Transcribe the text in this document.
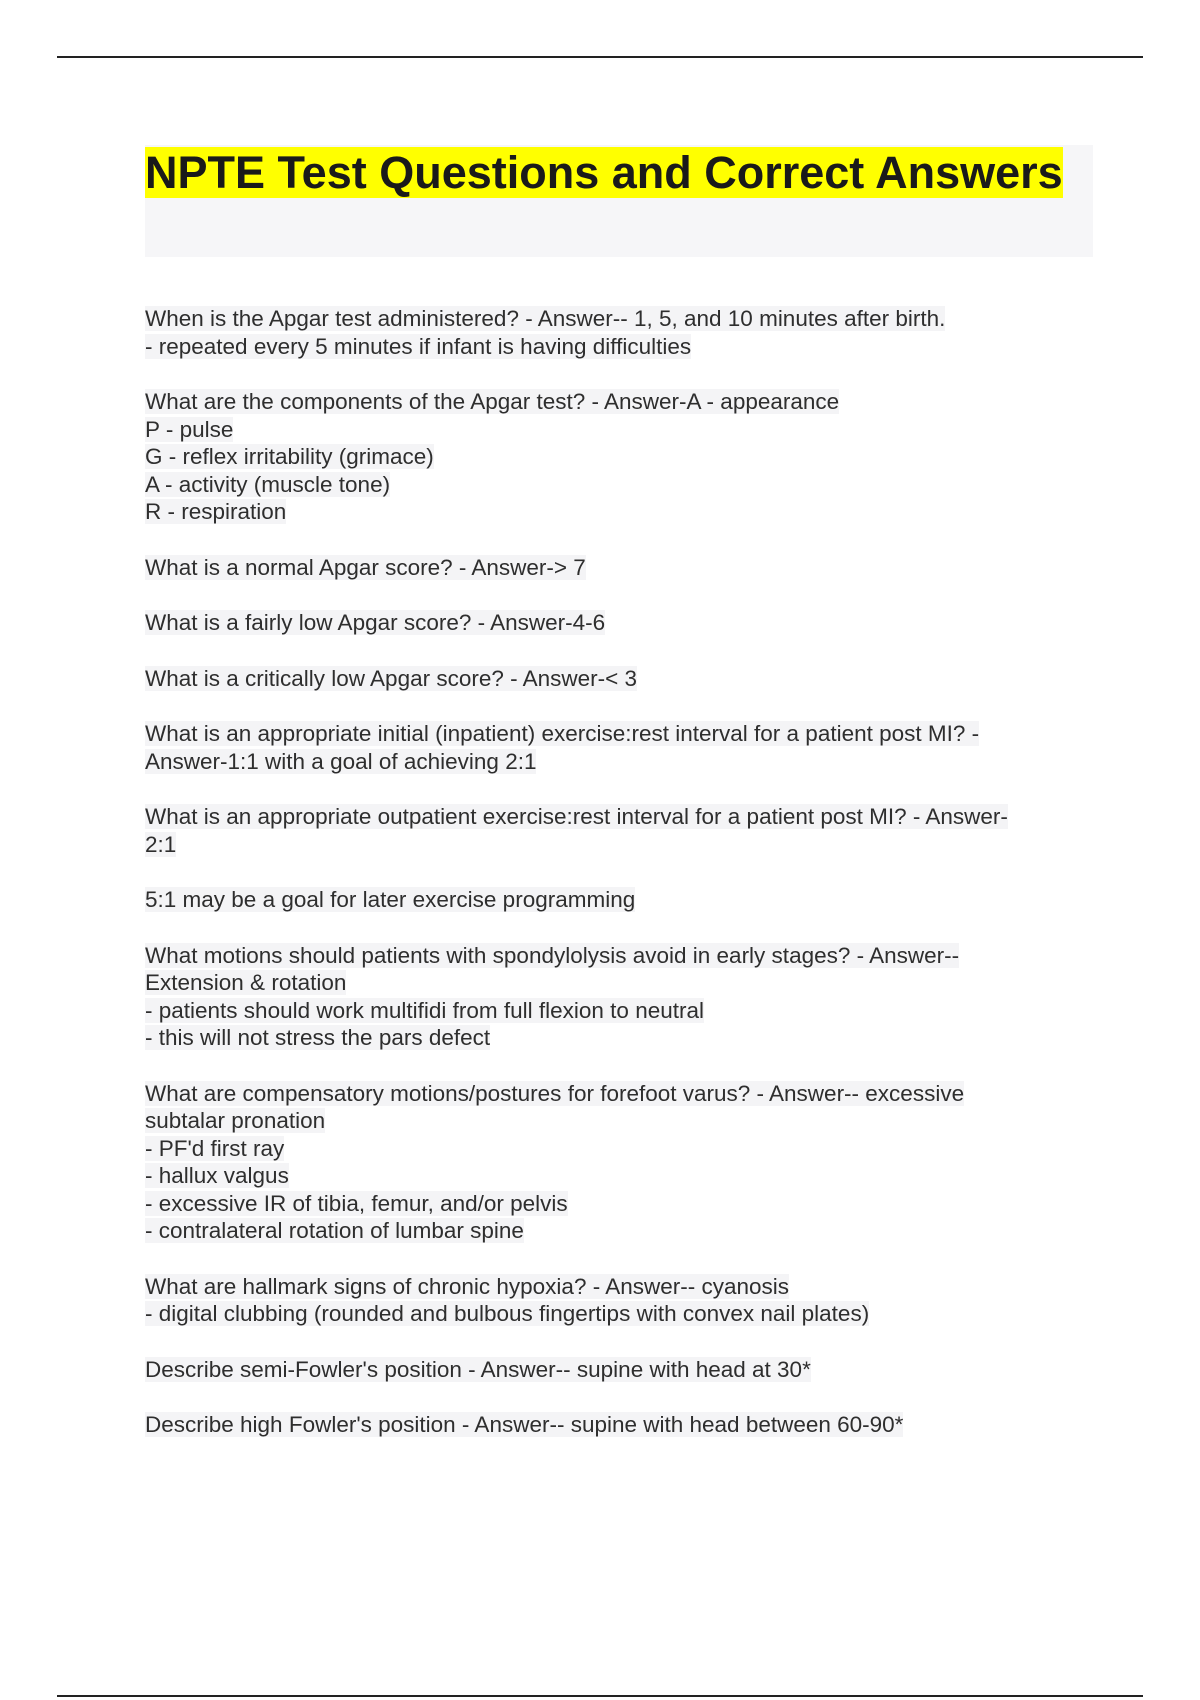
NPTE Test Questions and Correct Answers

When is the Apgar test administered? - Answer-- 1, 5, and 10 minutes after birth.

- repeated every 5 minutes if infant is having difficulties

What are the components of the Apgar test? - Answer-A - appearance

P - pulse

G - reflex irritability (grimace)

A - activity (muscle tone)

R - respiration

What is a normal Apgar score? - Answer-> 7

What is a fairly low Apgar score? - Answer-4-6

What is a critically low Apgar score? - Answer-< 3

What is an appropriate initial (inpatient) exercise:rest interval for a patient post MI? -

Answer-1:1 with a goal of achieving 2:1

What is an appropriate outpatient exercise:rest interval for a patient post MI? - Answer-

2:1

5:1 may be a goal for later exercise programming

What motions should patients with spondylolysis avoid in early stages? - Answer--

Extension & rotation

- patients should work multifidi from full flexion to neutral

- this will not stress the pars defect

What are compensatory motions/postures for forefoot varus? - Answer-- excessive

subtalar pronation

- PF'd first ray

- hallux valgus

- excessive IR of tibia, femur, and/or pelvis

- contralateral rotation of lumbar spine

What are hallmark signs of chronic hypoxia? - Answer-- cyanosis

- digital clubbing (rounded and bulbous fingertips with convex nail plates)

Describe semi-Fowler's position - Answer-- supine with head at 30*

Describe high Fowler's position - Answer-- supine with head between 60-90*
